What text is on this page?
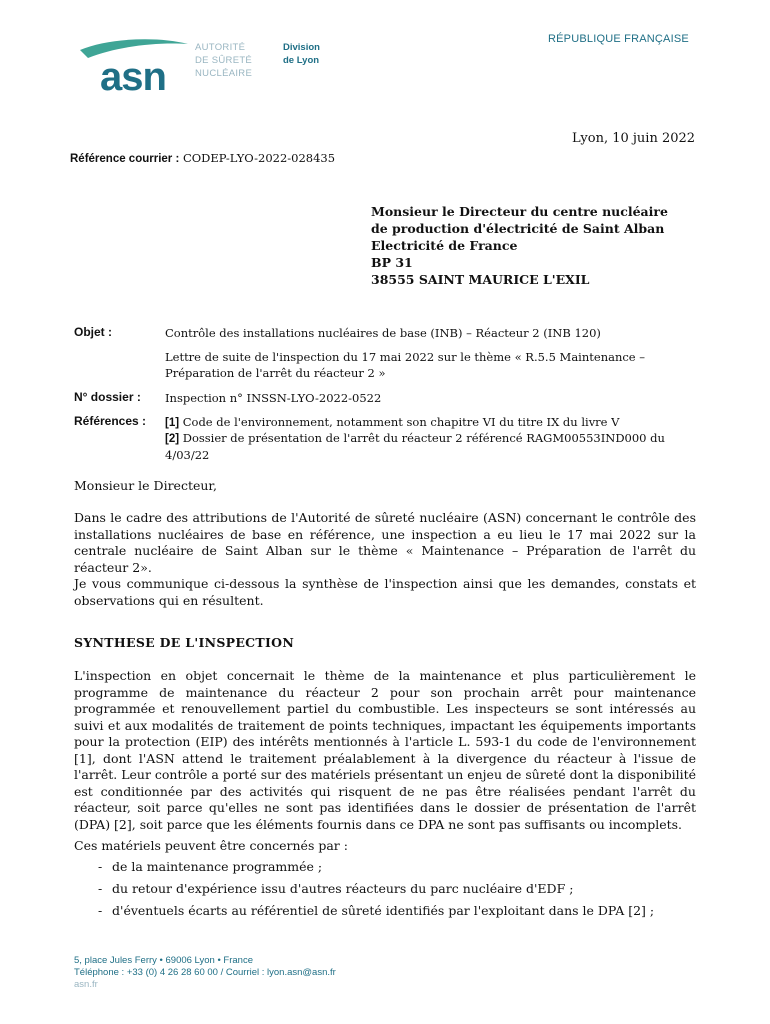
RÉPUBLIQUE FRANÇAISE
asn
AUTORITÉ
DE SÛRETÉ
NUCLÉAIRE
Division
de Lyon
Lyon, 10 juin 2022
Référence courrier : CODEP-LYO-2022-028435
Monsieur le Directeur du centre nucléaire
de production d'électricité de Saint Alban
Electricité de France
BP 31
38555 SAINT MAURICE L'EXIL
Objet :	Contrôle des installations nucléaires de base (INB) – Réacteur 2 (INB 120)
Lettre de suite de l'inspection du 17 mai 2022 sur le thème « R.5.5 Maintenance – Préparation de l'arrêt du réacteur 2 »
N° dossier : Inspection n° INSSN-LYO-2022-0522
Références : [1] Code de l'environnement, notamment son chapitre VI du titre IX du livre V
[2] Dossier de présentation de l'arrêt du réacteur 2 référencé RAGM00553IND000 du 4/03/22
Monsieur le Directeur,
Dans le cadre des attributions de l'Autorité de sûreté nucléaire (ASN) concernant le contrôle des installations nucléaires de base en référence, une inspection a eu lieu le 17 mai 2022 sur la centrale nucléaire de Saint Alban sur le thème « Maintenance – Préparation de l'arrêt du réacteur 2».
Je vous communique ci-dessous la synthèse de l'inspection ainsi que les demandes, constats et observations qui en résultent.
SYNTHESE DE L'INSPECTION
L'inspection en objet concernait le thème de la maintenance et plus particulièrement le programme de maintenance du réacteur 2 pour son prochain arrêt pour maintenance programmée et renouvellement partiel du combustible. Les inspecteurs se sont intéressés au suivi et aux modalités de traitement de points techniques, impactant les équipements importants pour la protection (EIP) des intérêts mentionnés à l'article L. 593-1 du code de l'environnement [1], dont l'ASN attend le traitement préalablement à la divergence du réacteur à l'issue de l'arrêt. Leur contrôle a porté sur des matériels présentant un enjeu de sûreté dont la disponibilité est conditionnée par des activités qui risquent de ne pas être réalisées pendant l'arrêt du réacteur, soit parce qu'elles ne sont pas identifiées dans le dossier de présentation de l'arrêt (DPA) [2], soit parce que les éléments fournis dans ce DPA ne sont pas suffisants ou incomplets.
Ces matériels peuvent être concernés par :
- de la maintenance programmée ;
- du retour d'expérience issu d'autres réacteurs du parc nucléaire d'EDF ;
- d'éventuels écarts au référentiel de sûreté identifiés par l'exploitant dans le DPA [2] ;
5, place Jules Ferry • 69006 Lyon • France
Téléphone : +33 (0) 4 26 28 60 00 / Courriel : lyon.asn@asn.fr
asn.fr
